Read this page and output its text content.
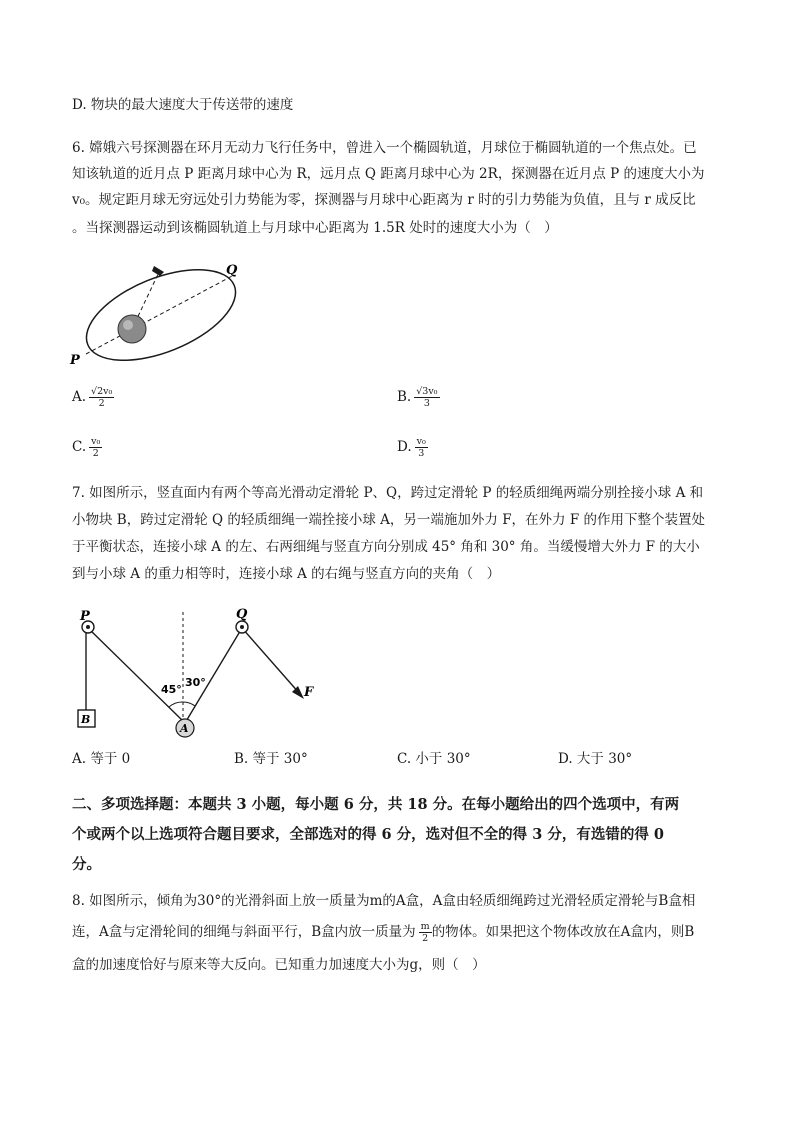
D. 物块的最大速度大于传送带的速度
6. 嫦娥六号探测器在环月无动力飞行任务中，曾进入一个椭圆轨道，月球位于椭圆轨道的一个焦点处。已
知该轨道的近月点 P 距离月球中心为 R，远月点 Q 距离月球中心为 2R，探测器在近月点 P 的速度大小为
v₀。规定距月球无穷远处引力势能为零，探测器与月球中心距离为 r 时的引力势能为负值，且与 r 成反比
。当探测器运动到该椭圆轨道上与月球中心距离为 1.5R 处时的速度大小为（　）
Q
P
A. $\frac{\text{√2v₀}}{2}$	B. $\frac{\text{√3v₀}}{3}$
C. $\frac{\text{v₀}}{2}$	D. $\frac{\text{v₀}}{3}$
7. 如图所示，竖直面内有两个等高光滑动定滑轮 P、Q，跨过定滑轮 P 的轻质细绳两端分别拴接小球 A 和
小物块 B，跨过定滑轮 Q 的轻质细绳一端拴接小球 A，另一端施加外力 F，在外力 F 的作用下整个装置处
于平衡状态，连接小球 A 的左、右两细绳与竖直方向分别成 45° 角和 30° 角。当缓慢增大外力 F 的大小
到与小球 A 的重力相等时，连接小球 A 的右绳与竖直方向的夹角（　）
P	Q
B
A
F
45°
30°
A. 等于 0	B. 等于 30°	C. 小于 30°	D. 大于 30°
二、多项选择题：本题共 3 小题，每小题 6 分，共 18 分。在每小题给出的四个选项中，有两
个或两个以上选项符合题目要求，全部选对的得 6 分，选对但不全的得 3 分，有选错的得 0
分。
8. 如图所示，倾角为30°的光滑斜面上放一质量为m的A盒，A盒由轻质细绳跨过光滑轻质定滑轮与B盒相
连，A盒与定滑轮间的细绳与斜面平行，B盒内放一质量为 $\frac{m}{2}$ 的物体。如果把这个物体改放在A盒内，则B
盒的加速度恰好与原来等大反向。已知重力加速度大小为g，则（　）
